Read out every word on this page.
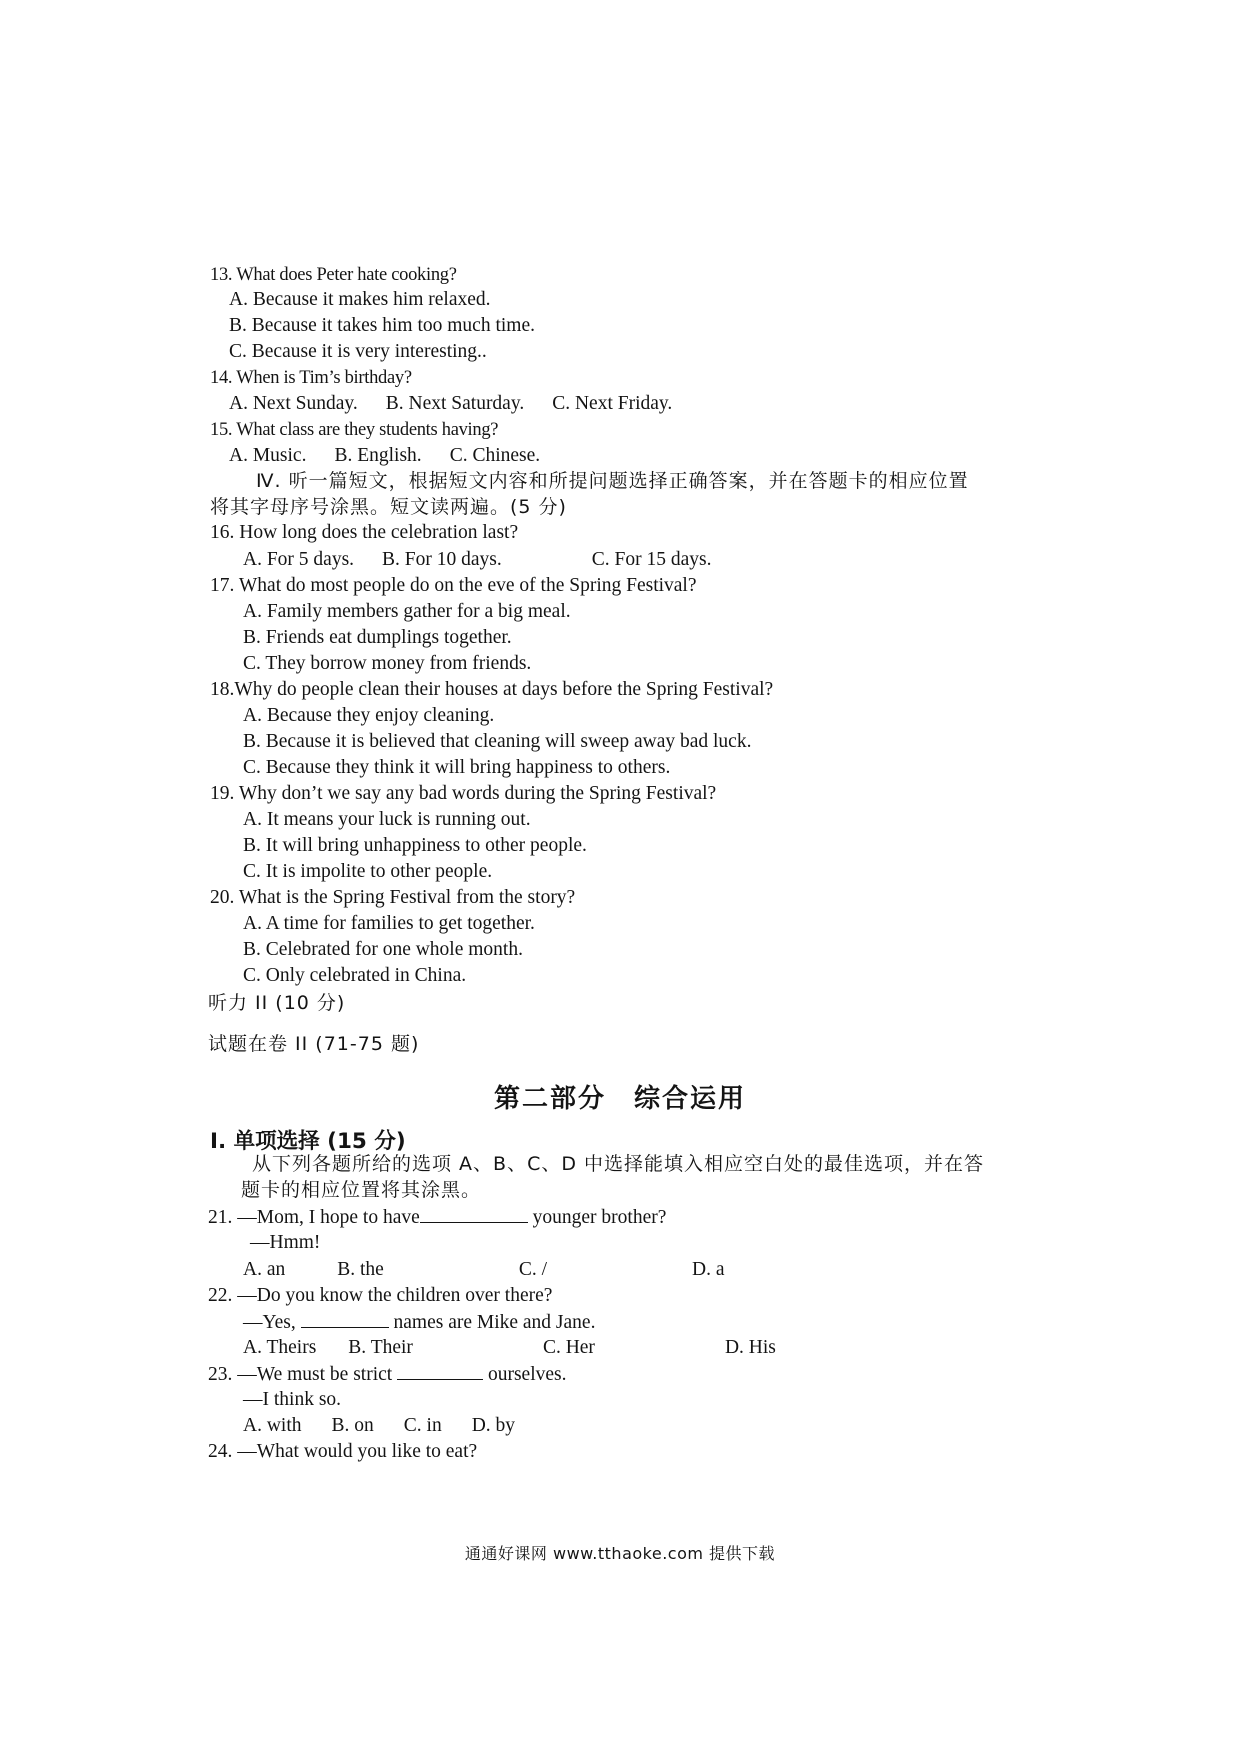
13. What does Peter hate cooking?
A. Because it makes him relaxed.
B. Because it takes him too much time.
C. Because it is very interesting..
14. When is Tim’s birthday?
A. Next Sunday. B. Next Saturday. C. Next Friday.
15. What class are they students having?
A. Music. B. English. C. Chinese.
Ⅳ. 听一篇短文，根据短文内容和所提问题选择正确答案，并在答题卡的相应位置
将其字母序号涂黑。短文读两遍。(5 分)
16. How long does the celebration last?
A. For 5 days. B. For 10 days.	C. For 15 days.
17. What do most people do on the eve of the Spring Festival?
A. Family members gather for a big meal.
B. Friends eat dumplings together.
C. They borrow money from friends.
18.Why do people clean their houses at days before the Spring Festival?
A. Because they enjoy cleaning.
B. Because it is believed that cleaning will sweep away bad luck.
C. Because they think it will bring happiness to others.
19. Why don’t we say any bad words during the Spring Festival?
A. It means your luck is running out.
B. It will bring unhappiness to other people.
C. It is impolite to other people.
20. What is the Spring Festival from the story?
A. A time for families to get together.
B. Celebrated for one whole month.
C. Only celebrated in China.
听力 II (10 分)
试题在卷 II (71-75 题)
第二部分　综合运用
Ⅰ. 单项选择 (15 分)
从下列各题所给的选项 A、B、C、D 中选择能填入相应空白处的最佳选项，并在答
题卡的相应位置将其涂黑。
21. —Mom, I hope to have	younger brother?
—Hmm!
A. an	B. the	C. /	D. a
22. —Do you know the children over there?
—Yes,	names are Mike and Jane.
A. Theirs B. Their	C. Her	D. His
23. —We must be strict	ourselves.
—I think so.
A. with B. on C. in D. by
24. —What would you like to eat?
通通好课网 www.tthaoke.com 提供下载
